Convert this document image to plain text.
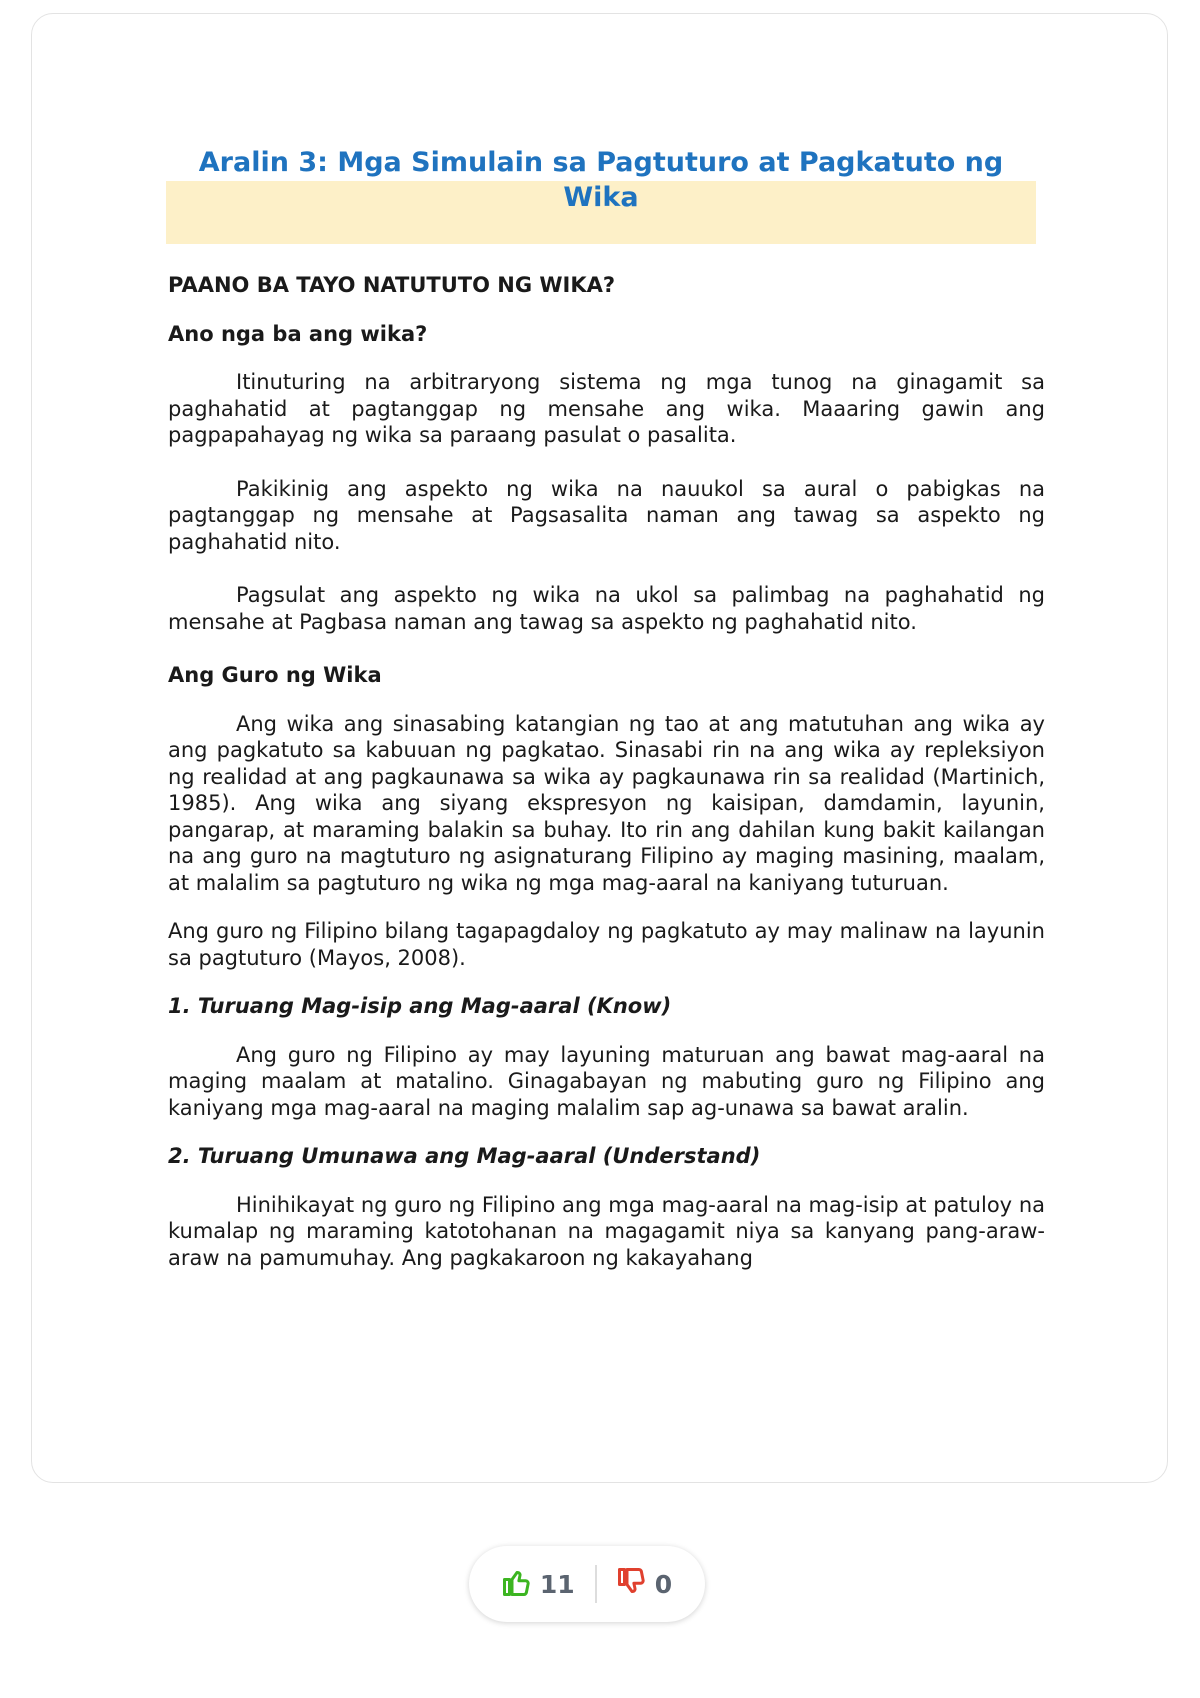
Aralin 3: Mga Simulain sa Pagtuturo at Pagkatuto ng Wika
PAANO BA TAYO NATUTUTO NG WIKA?
Ano nga ba ang wika?

Itinuturing na arbitraryong sistema ng mga tunog na ginagamit sa paghahatid at pagtanggap ng mensahe ang wika. Maaaring gawin ang pagpapahayag ng wika sa paraang pasulat o pasalita.

Pakikinig ang aspekto ng wika na nauukol sa aural o pabigkas na pagtanggap ng mensahe at Pagsasalita naman ang tawag sa aspekto ng paghahatid nito.

Pagsulat ang aspekto ng wika na ukol sa palimbag na paghahatid ng mensahe at Pagbasa naman ang tawag sa aspekto ng paghahatid nito.

Ang Guro ng Wika

Ang wika ang sinasabing katangian ng tao at ang matutuhan ang wika ay ang pagkatuto sa kabuuan ng pagkatao. Sinasabi rin na ang wika ay repleksiyon ng realidad at ang pagkaunawa sa wika ay pagkaunawa rin sa realidad (Martinich, 1985). Ang wika ang siyang ekspresyon ng kaisipan, damdamin, layunin, pangarap, at maraming balakin sa buhay. Ito rin ang dahilan kung bakit kailangan na ang guro na magtuturo ng asignaturang Filipino ay maging masining, maalam, at malalim sa pagtuturo ng wika ng mga mag-aaral na kaniyang tuturuan.

Ang guro ng Filipino bilang tagapagdaloy ng pagkatuto ay may malinaw na layunin sa pagtuturo (Mayos, 2008).

1. Turuang Mag-isip ang Mag-aaral (Know)

Ang guro ng Filipino ay may layuning maturuan ang bawat mag-aaral na maging maalam at matalino. Ginagabayan ng mabuting guro ng Filipino ang kaniyang mga mag-aaral na maging malalim sap ag-unawa sa bawat aralin.

2. Turuang Umunawa ang Mag-aaral (Understand)

Hinihikayat ng guro ng Filipino ang mga mag-aaral na mag-isip at patuloy na kumalap ng maraming katotohanan na magagamit niya sa kanyang pang-araw-araw na pamumuhay. Ang pagkakaroon ng kakayahang

11	0
